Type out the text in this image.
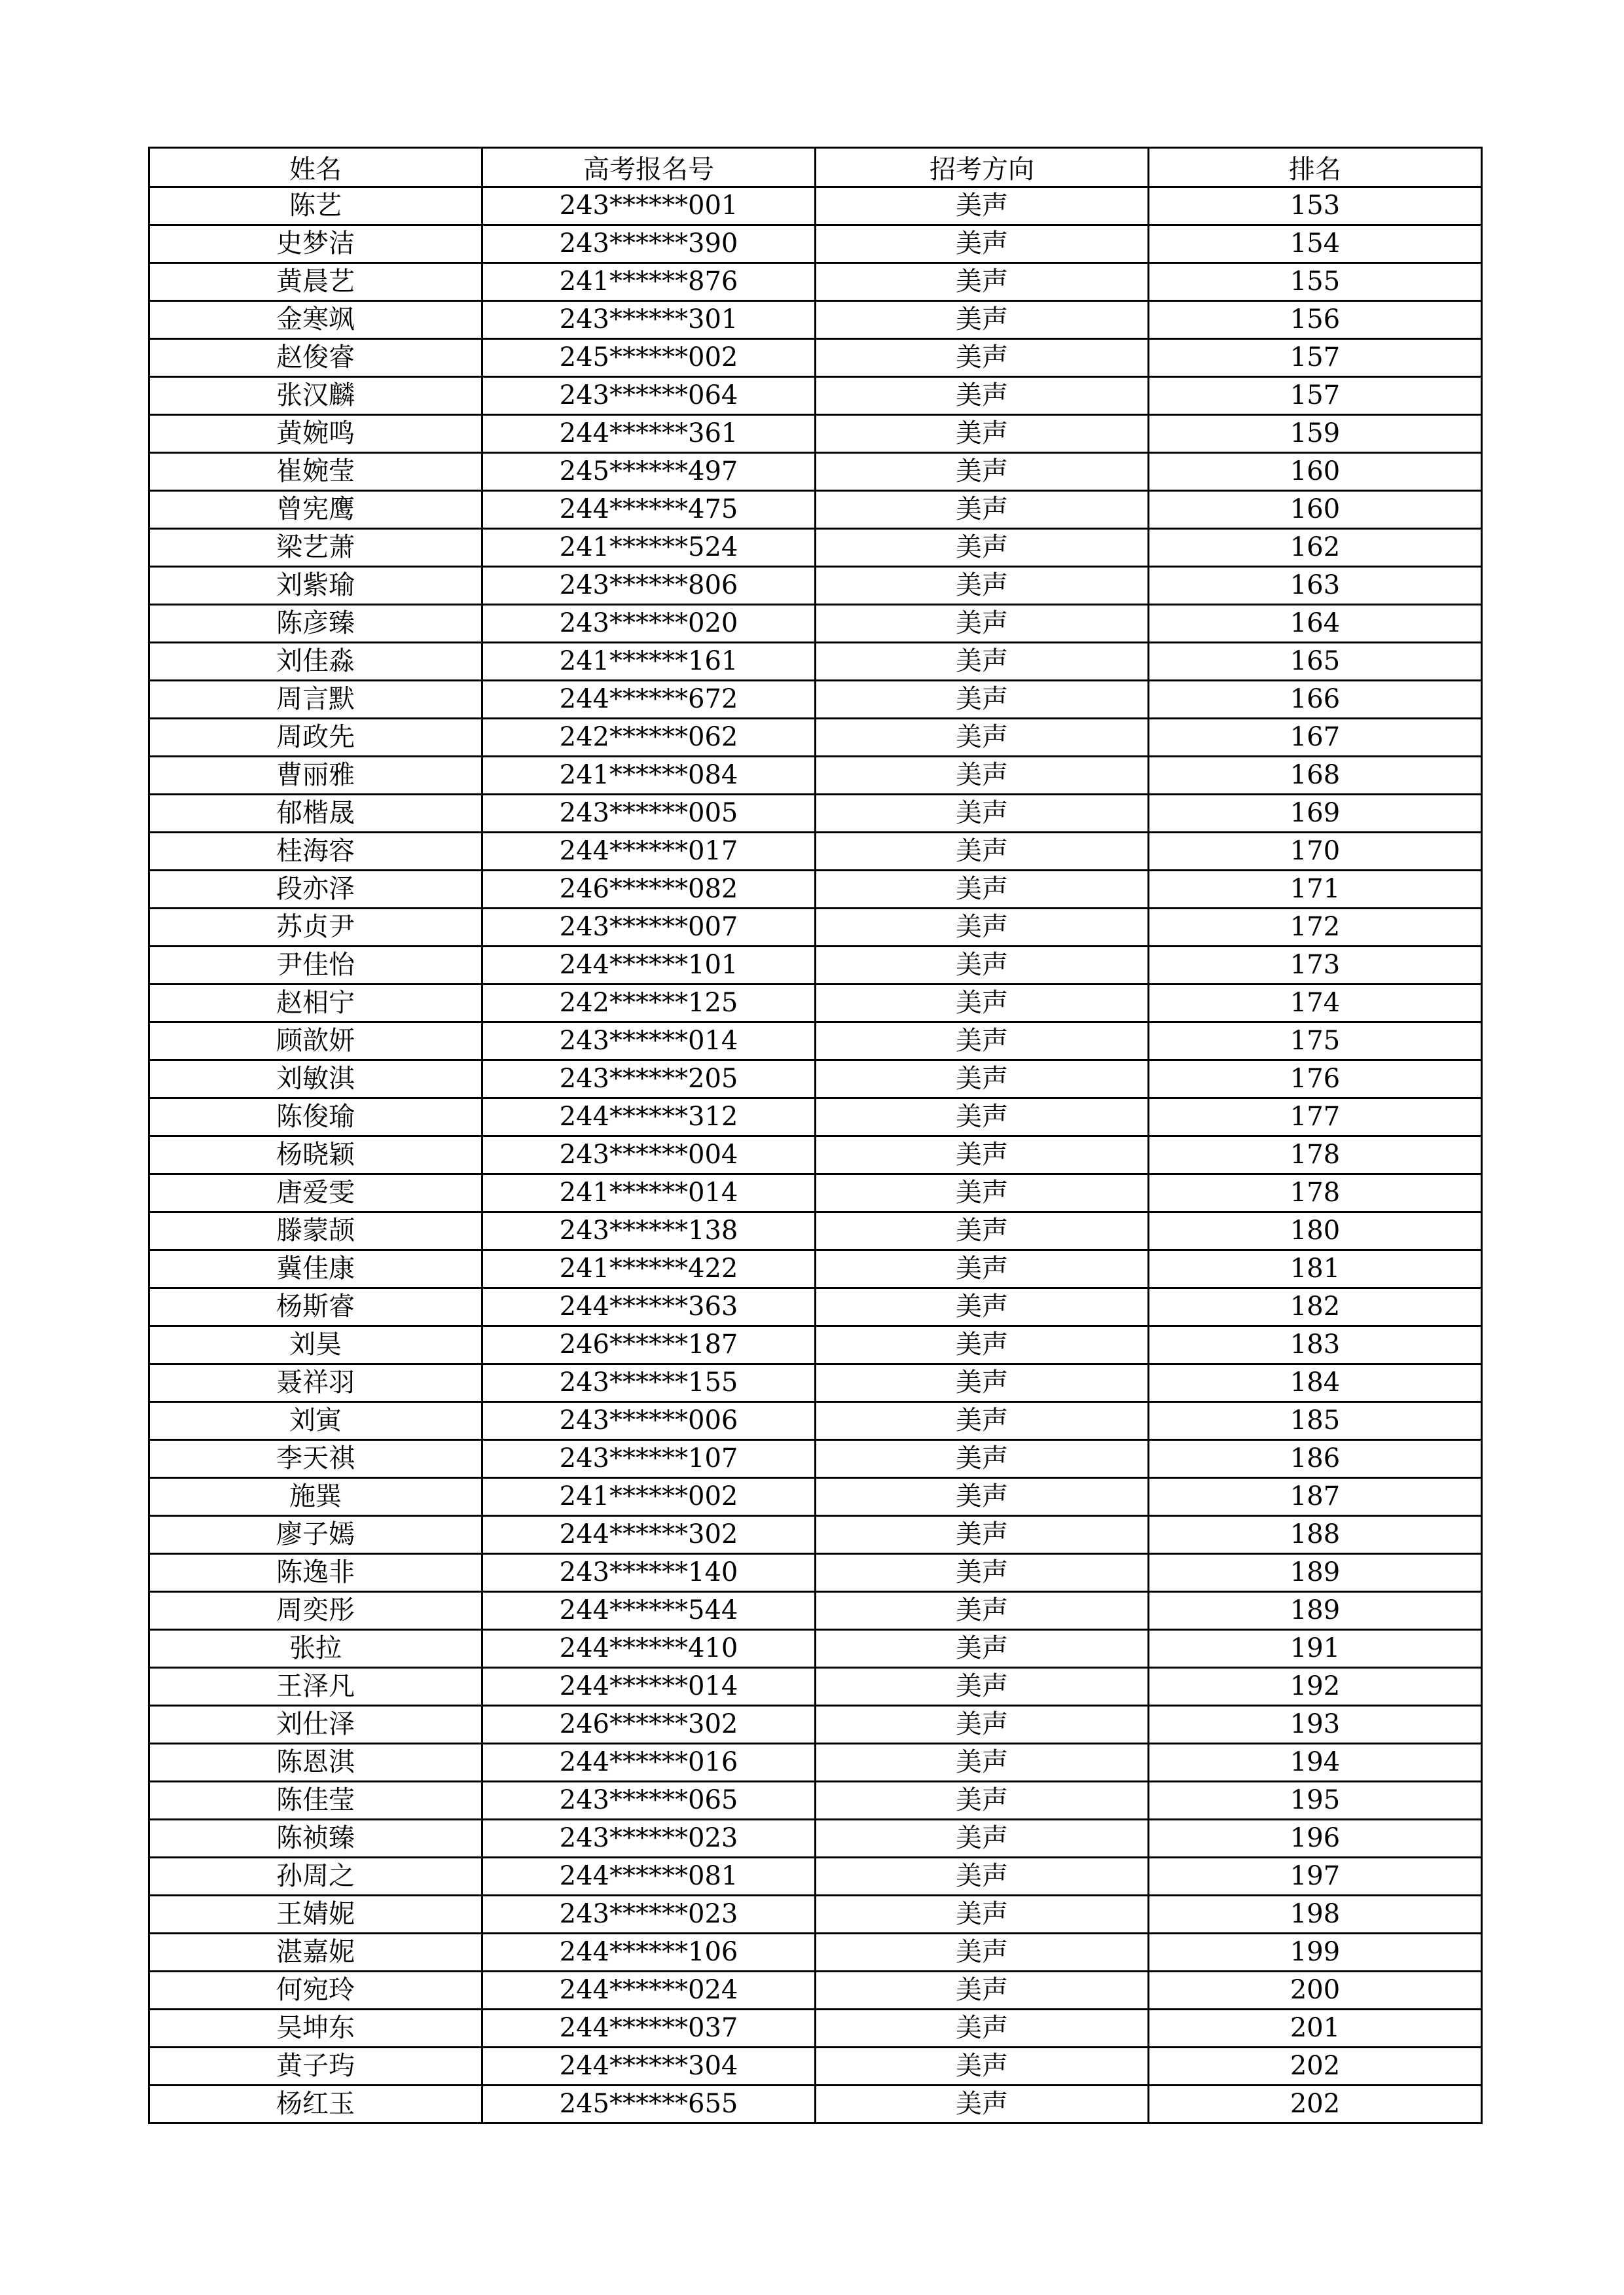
姓名	高考报名号	招考方向	排名
陈艺	243******001	美声	153
史梦洁	243******390	美声	154
黄晨艺	241******876	美声	155
金寒飒	243******301	美声	156
赵俊睿	245******002	美声	157
张汉麟	243******064	美声	157
黄婉鸣	244******361	美声	159
崔婉莹	245******497	美声	160
曾宪鹰	244******475	美声	160
梁艺萧	241******524	美声	162
刘紫瑜	243******806	美声	163
陈彦臻	243******020	美声	164
刘佳淼	241******161	美声	165
周言默	244******672	美声	166
周政先	242******062	美声	167
曹丽雅	241******084	美声	168
郁楷晟	243******005	美声	169
桂海容	244******017	美声	170
段亦泽	246******082	美声	171
苏贞尹	243******007	美声	172
尹佳怡	244******101	美声	173
赵相宁	242******125	美声	174
顾歆妍	243******014	美声	175
刘敏淇	243******205	美声	176
陈俊瑜	244******312	美声	177
杨晓颖	243******004	美声	178
唐爱雯	241******014	美声	178
滕蒙颉	243******138	美声	180
冀佳康	241******422	美声	181
杨斯睿	244******363	美声	182
刘昊	246******187	美声	183
聂祥羽	243******155	美声	184
刘寅	243******006	美声	185
李天祺	243******107	美声	186
施巽	241******002	美声	187
廖子嫣	244******302	美声	188
陈逸非	243******140	美声	189
周奕彤	244******544	美声	189
张拉	244******410	美声	191
王泽凡	244******014	美声	192
刘仕泽	246******302	美声	193
陈恩淇	244******016	美声	194
陈佳莹	243******065	美声	195
陈祯臻	243******023	美声	196
孙周之	244******081	美声	197
王婧妮	243******023	美声	198
湛嘉妮	244******106	美声	199
何宛玲	244******024	美声	200
吴坤东	244******037	美声	201
黄子玙	244******304	美声	202
杨红玉	245******655	美声	202
